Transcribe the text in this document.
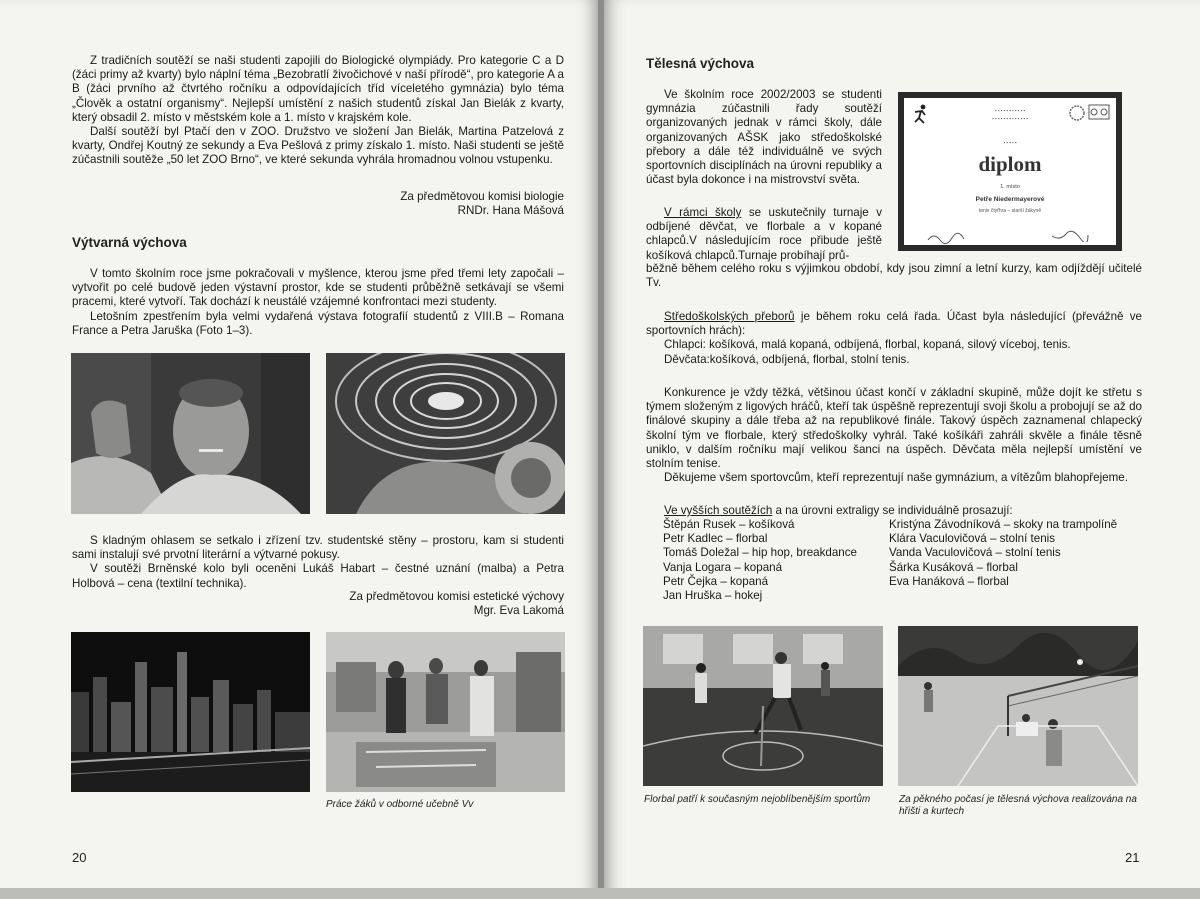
Z tradičních soutěží se naši studenti zapojili do Biologické olympiády. Pro kategorie C a D (žáci primy až kvarty) bylo náplní téma „Bezobratlí živočichové v naší přírodě“, pro kategorie A a B (žáci prvního až čtvrtého ročníku a odpovídajících tříd víceletého gymnázia) bylo téma „Člověk a ostatní organismy“. Nejlepší umístění z našich studentů získal Jan Bielák z kvarty, který obsadil 2. místo v městském kole a 1. místo v krajském kole.

Další soutěží byl Ptačí den v ZOO. Družstvo ve složení Jan Bielák, Martina Patzelová z kvarty, Ondřej Koutný ze sekundy a Eva Pešlová z primy získalo 1. místo. Naši studenti se ještě zúčastnili soutěže „50 let ZOO Brno“, ve které sekunda vyhrála hromadnou volnou vstupenku.

Za předmětovou komisi biologie
RNDr. Hana Mášová
Výtvarná výchova

V tomto školním roce jsme pokračovali v myšlence, kterou jsme před třemi lety započali – vytvořit po celé budově jeden výstavní prostor, kde se studenti průběžně setkávají se všemi pracemi, které vytvoří. Tak dochází k neustálé vzájemné konfrontaci mezi studenty.

Letošním zpestřením byla velmi vydařená výstava fotografií studentů z VIII.B – Romana France a Petra Jaruška (Foto 1–3).

S kladným ohlasem se setkalo i zřízení tzv. studentské stěny – prostoru, kam si studenti sami instalují své prvotní literární a výtvarné pokusy.

V soutěži Brněnské kolo byli oceněni Lukáš Habart – čestné uznání (malba) a Petra Holbová – cena (textilní technika).

Za předmětovou komisi estetické výchovy
Mgr. Eva Lakomá
Práce žáků v odborné učebně Vv
20
Tělesná výchova

Ve školním roce 2002/2003 se studenti gymnázia zúčastnili řady soutěží organizovaných jednak v rámci školy, dále organizovaných AŠSK jako středoškolské přebory a dále též individuálně ve svých sportovních disciplínách na úrovni republiky a účast byla dokonce i na mistrovství světa.

▪ ▪ ▪ ▪ ▪ ▪ ▪ ▪ ▪ ▪ ▪
▪ ▪ ▪ ▪ ▪ ▪ ▪ ▪ ▪ ▪ ▪ ▪ ▪
▪ ▪ ▪ ▪ ▪
diplom
1. místo
Petře Niedermayerové
tenis čtyřhra – starší žákyně

V rámci školy se uskutečnily turnaje v odbíjené děvčat, ve florbale a v kopané chlapců.V následujícím roce přibude ještě košíková chlapců.Turnaje probíhají prů-

běžně během celého roku s výjimkou období, kdy jsou zimní a letní kurzy, kam odjíždějí učitelé Tv.

Středoškolských přeborů je během roku celá řada. Účast byla následující (převážně ve sportovních hrách):

Chlapci: košíková, malá kopaná, odbíjená, florbal, kopaná, silový víceboj, tenis.

Děvčata:košíková, odbíjená, florbal, stolní tenis.

Konkurence je vždy těžká, většinou účast končí v základní skupině, může dojít ke střetu s týmem složeným z ligových hráčů, kteří tak úspěšně reprezentují svoji školu a probojují se až do finálové skupiny a dále třeba až na republikové finále. Takový úspěch zaznamenal chlapecký školní tým ve florbale, který středoškolky vyhrál. Také košíkáři zahráli skvěle a finále těsně uniklo, v dalším ročníku mají velikou šanci na úspěch. Děvčata měla nejlepší umístění ve stolním tenise.

Děkujeme všem sportovcům, kteří reprezentují naše gymnázium, a vítězům blahopřejeme.

Ve vyšších soutěžích a na úrovni extraligy se individuálně prosazují:

Štěpán Rusek – košíková	Kristýna Závodníková – skoky na trampolíně
Petr Kadlec – florbal	Klára Vaculovičová – stolní tenis
Tomáš Doležal – hip hop, breakdance	Vanda Vaculovičová – stolní tenis
Vanja Logara – kopaná	Šárka Kusáková – florbal
Petr Čejka – kopaná	Eva Hanáková – florbal
Jan Hruška – hokej
Florbal patří k současným nejoblíbenějším sportům	Za pěkného počasí je tělesná výchova realizována na hřišti a kurtech
21
